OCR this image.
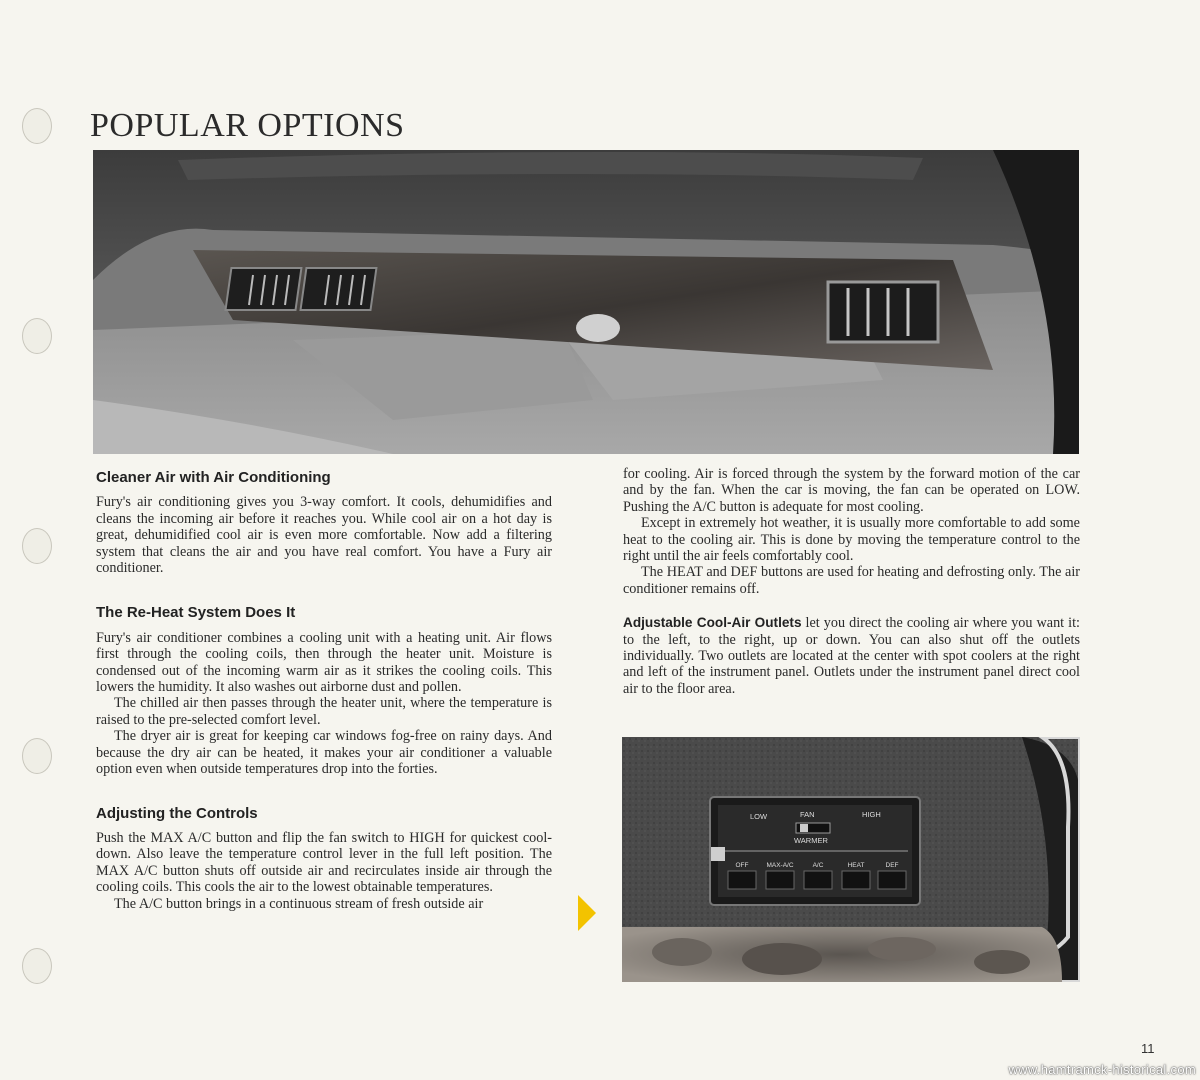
POPULAR OPTIONS
Cleaner Air with Air Conditioning

Fury's air conditioning gives you 3-way comfort. It cools, dehumidifies and cleans the incoming air before it reaches you. While cool air on a hot day is great, dehumidified cool air is even more comfortable. Now add a filtering system that cleans the air and you have real comfort. You have a Fury air conditioner.

The Re-Heat System Does It

Fury's air conditioner combines a cooling unit with a heating unit. Air flows first through the cooling coils, then through the heater unit. Moisture is condensed out of the incoming warm air as it strikes the cooling coils. This lowers the humidity. It also washes out airborne dust and pollen.

The chilled air then passes through the heater unit, where the temperature is raised to the pre-selected comfort level.

The dryer air is great for keeping car windows fog-free on rainy days. And because the dry air can be heated, it makes your air conditioner a valuable option even when outside temperatures drop into the forties.

Adjusting the Controls

Push the MAX A/C button and flip the fan switch to HIGH for quickest cool-down. Also leave the temperature control lever in the full left position. The MAX A/C button shuts off outside air and recirculates inside air through the cooling coils. This cools the air to the lowest obtainable temperatures.

The A/C button brings in a continuous stream of fresh outside air

for cooling. Air is forced through the system by the forward motion of the car and by the fan. When the car is moving, the fan can be operated on LOW. Pushing the A/C button is adequate for most cooling.

Except in extremely hot weather, it is usually more comfortable to add some heat to the cooling air. This is done by moving the temperature control to the right until the air feels comfortably cool.

The HEAT and DEF buttons are used for heating and defrosting only. The air conditioner remains off.

Adjustable Cool-Air Outlets let you direct the cooling air where you want it: to the left, to the right, up or down. You can also shut off the outlets individually. Two outlets are located at the center with spot coolers at the right and left of the instrument panel. Outlets under the instrument panel direct cool air to the floor area.

LOW	FAN	HIGH
WARMER
OFF	MAX-A/C	A/C	HEAT	DEF
11
www.hamtramck-historical.com
